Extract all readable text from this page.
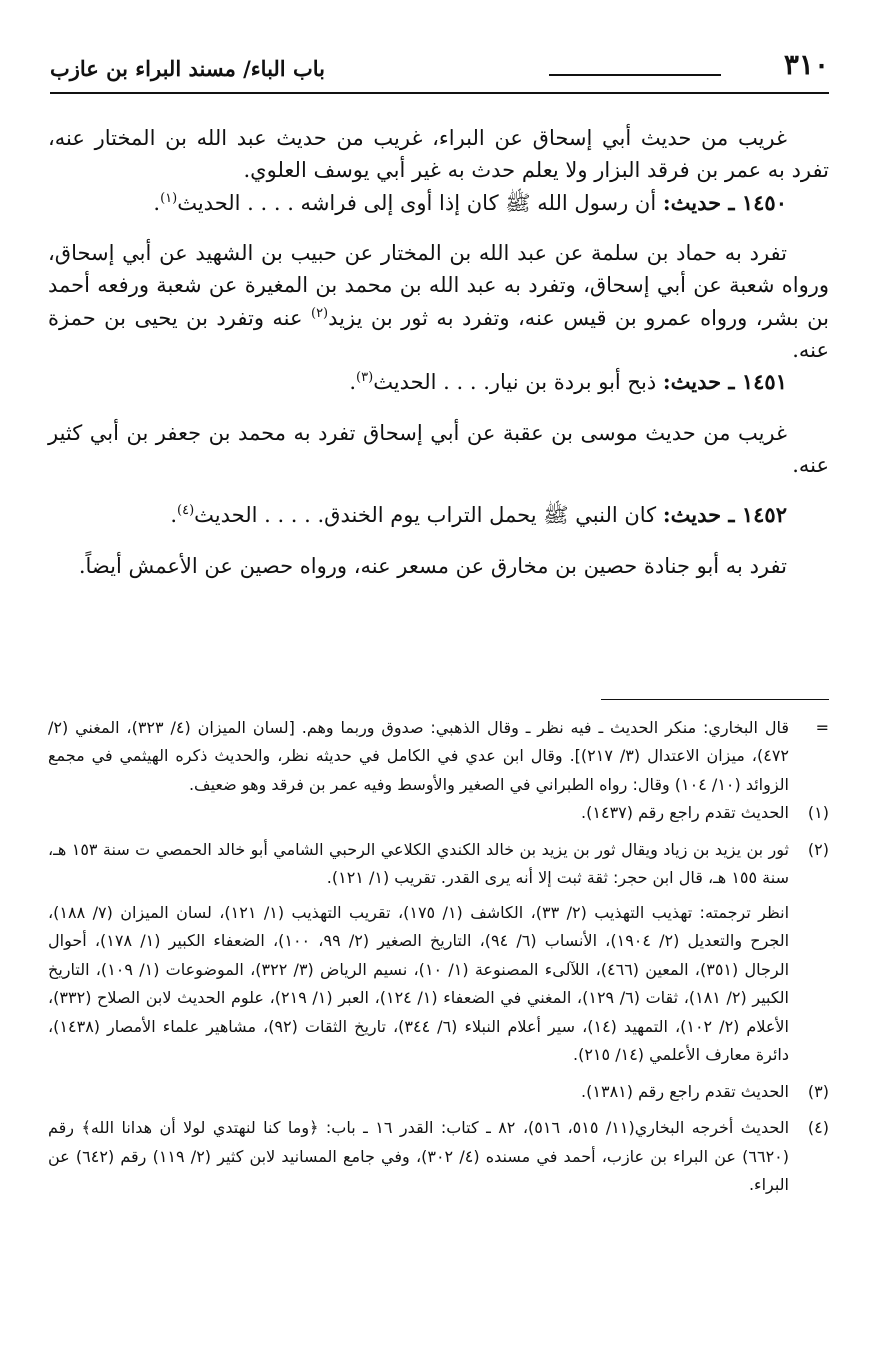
٣١٠
باب الباء/ مسند البراء بن عازب

غريب من حديث أبي إسحاق عن البراء، غريب من حديث عبد الله بن المختار عنه، تفرد به عمر بن فرقد البزار ولا يعلم حدث به غير أبي يوسف العلوي.

١٤٥٠ ـ حديث: أن رسول الله ﷺ كان إذا أوى إلى فراشه . . . . الحديث$^{(١)}$.

تفرد به حماد بن سلمة عن عبد الله بن المختار عن حبيب بن الشهيد عن أبي إسحاق، ورواه شعبة عن أبي إسحاق، وتفرد به عبد الله بن محمد بن المغيرة عن شعبة ورفعه أحمد بن بشر، ورواه عمرو بن قيس عنه، وتفرد به ثور بن يزيد$^{(٢)}$ عنه وتفرد بن يحيى بن حمزة عنه.

١٤٥١ ـ حديث: ذبح أبو بردة بن نيار. . . . الحديث$^{(٣)}$.

غريب من حديث موسى بن عقبة عن أبي إسحاق تفرد به محمد بن جعفر بن أبي كثير عنه.

١٤٥٢ ـ حديث: كان النبي ﷺ يحمل التراب يوم الخندق. . . . . الحديث$^{(٤)}$.

تفرد به أبو جنادة حصين بن مخارق عن مسعر عنه، ورواه حصين عن الأعمش أيضاً.

=
قال البخاري: منكر الحديث ـ فيه نظر ـ وقال الذهبي: صدوق وربما وهم. [لسان الميزان (٤/ ٣٢٣)، المغني (٢/ ٤٧٢)، ميزان الاعتدال (٣/ ٢١٧)]. وقال ابن عدي في الكامل في حديثه نظر، والحديث ذكره الهيثمي في مجمع الزوائد (١٠/ ١٠٤) وقال: رواه الطبراني في الصغير والأوسط وفيه عمر بن فرقد وهو ضعيف.
(١)
الحديث تقدم راجع رقم (١٤٣٧).
(٢)
ثور بن يزيد بن زياد ويقال ثور بن يزيد بن خالد الكندي الكلاعي الرحبي الشامي أبو خالد الحمصي ت سنة ١٥٣ هـ، سنة ١٥٥ هـ، قال ابن حجر: ثقة ثبت إلا أنه يرى القدر. تقريب (١/ ١٢١).
انظر ترجمته: تهذيب التهذيب (٢/ ٣٣)، الكاشف (١/ ١٧٥)، تقريب التهذيب (١/ ١٢١)، لسان الميزان (٧/ ١٨٨)، الجرح والتعديل (٢/ ١٩٠٤)، الأنساب (٦/ ٩٤)، التاريخ الصغير (٢/ ٩٩، ١٠٠)، الضعفاء الكبير (١/ ١٧٨)، أحوال الرجال (٣٥١)، المعين (٤٦٦)، اللآلىء المصنوعة (١/ ١٠)، نسيم الرياض (٣/ ٣٢٢)، الموضوعات (١/ ١٠٩)، التاريخ الكبير (٢/ ١٨١)، ثقات (٦/ ١٢٩)، المغني في الضعفاء (١/ ١٢٤)، العبر (١/ ٢١٩)، علوم الحديث لابن الصلاح (٣٣٢)، الأعلام (٢/ ١٠٢)، التمهيد (١٤)، سير أعلام النبلاء (٦/ ٣٤٤)، تاريخ الثقات (٩٢)، مشاهير علماء الأمصار (١٤٣٨)، دائرة معارف الأعلمي (١٤/ ٢١٥).
(٣)
الحديث تقدم راجع رقم (١٣٨١).
(٤)
الحديث أخرجه البخاري(١١/ ٥١٥، ٥١٦)، ٨٢ ـ كتاب: القدر ١٦ ـ باب: ﴿وما كنا لنهتدي لولا أن هدانا الله﴾ رقم (٦٦٢٠) عن البراء بن عازب، أحمد في مسنده (٤/ ٣٠٢)، وفي جامع المسانيد لابن كثير (٢/ ١١٩) رقم (٦٤٢) عن البراء.
